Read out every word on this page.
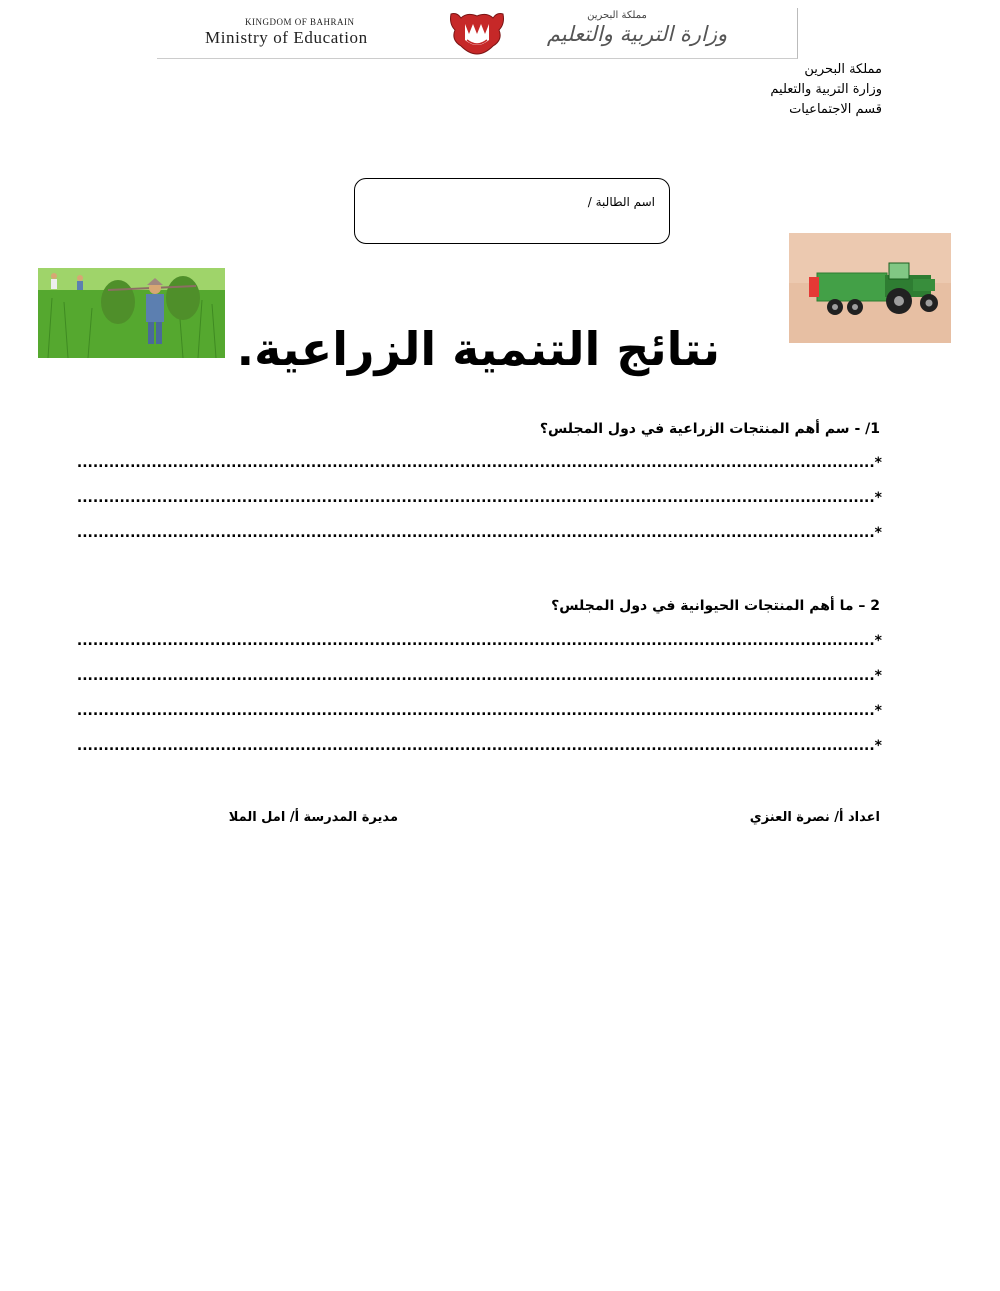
KINGDOM OF BAHRAIN
Ministry of Education
مملكة البحرين
وزارة التربية والتعليم
مملكة البحرين
وزارة التربية والتعليم
قسم الاجتماعيات
اسم الطالبة /
نتائج التنمية الزراعية.
1/ - سم أهم المنتجات الزراعية في دول المجلس؟
*......................................................................................................................................................
*......................................................................................................................................................
*......................................................................................................................................................
2 – ما أهم المنتجات الحيوانية في دول المجلس؟
*......................................................................................................................................................
*......................................................................................................................................................
*......................................................................................................................................................
*......................................................................................................................................................
اعداد أ/ نصرة العنزي
مديرة المدرسة أ/ امل الملا
